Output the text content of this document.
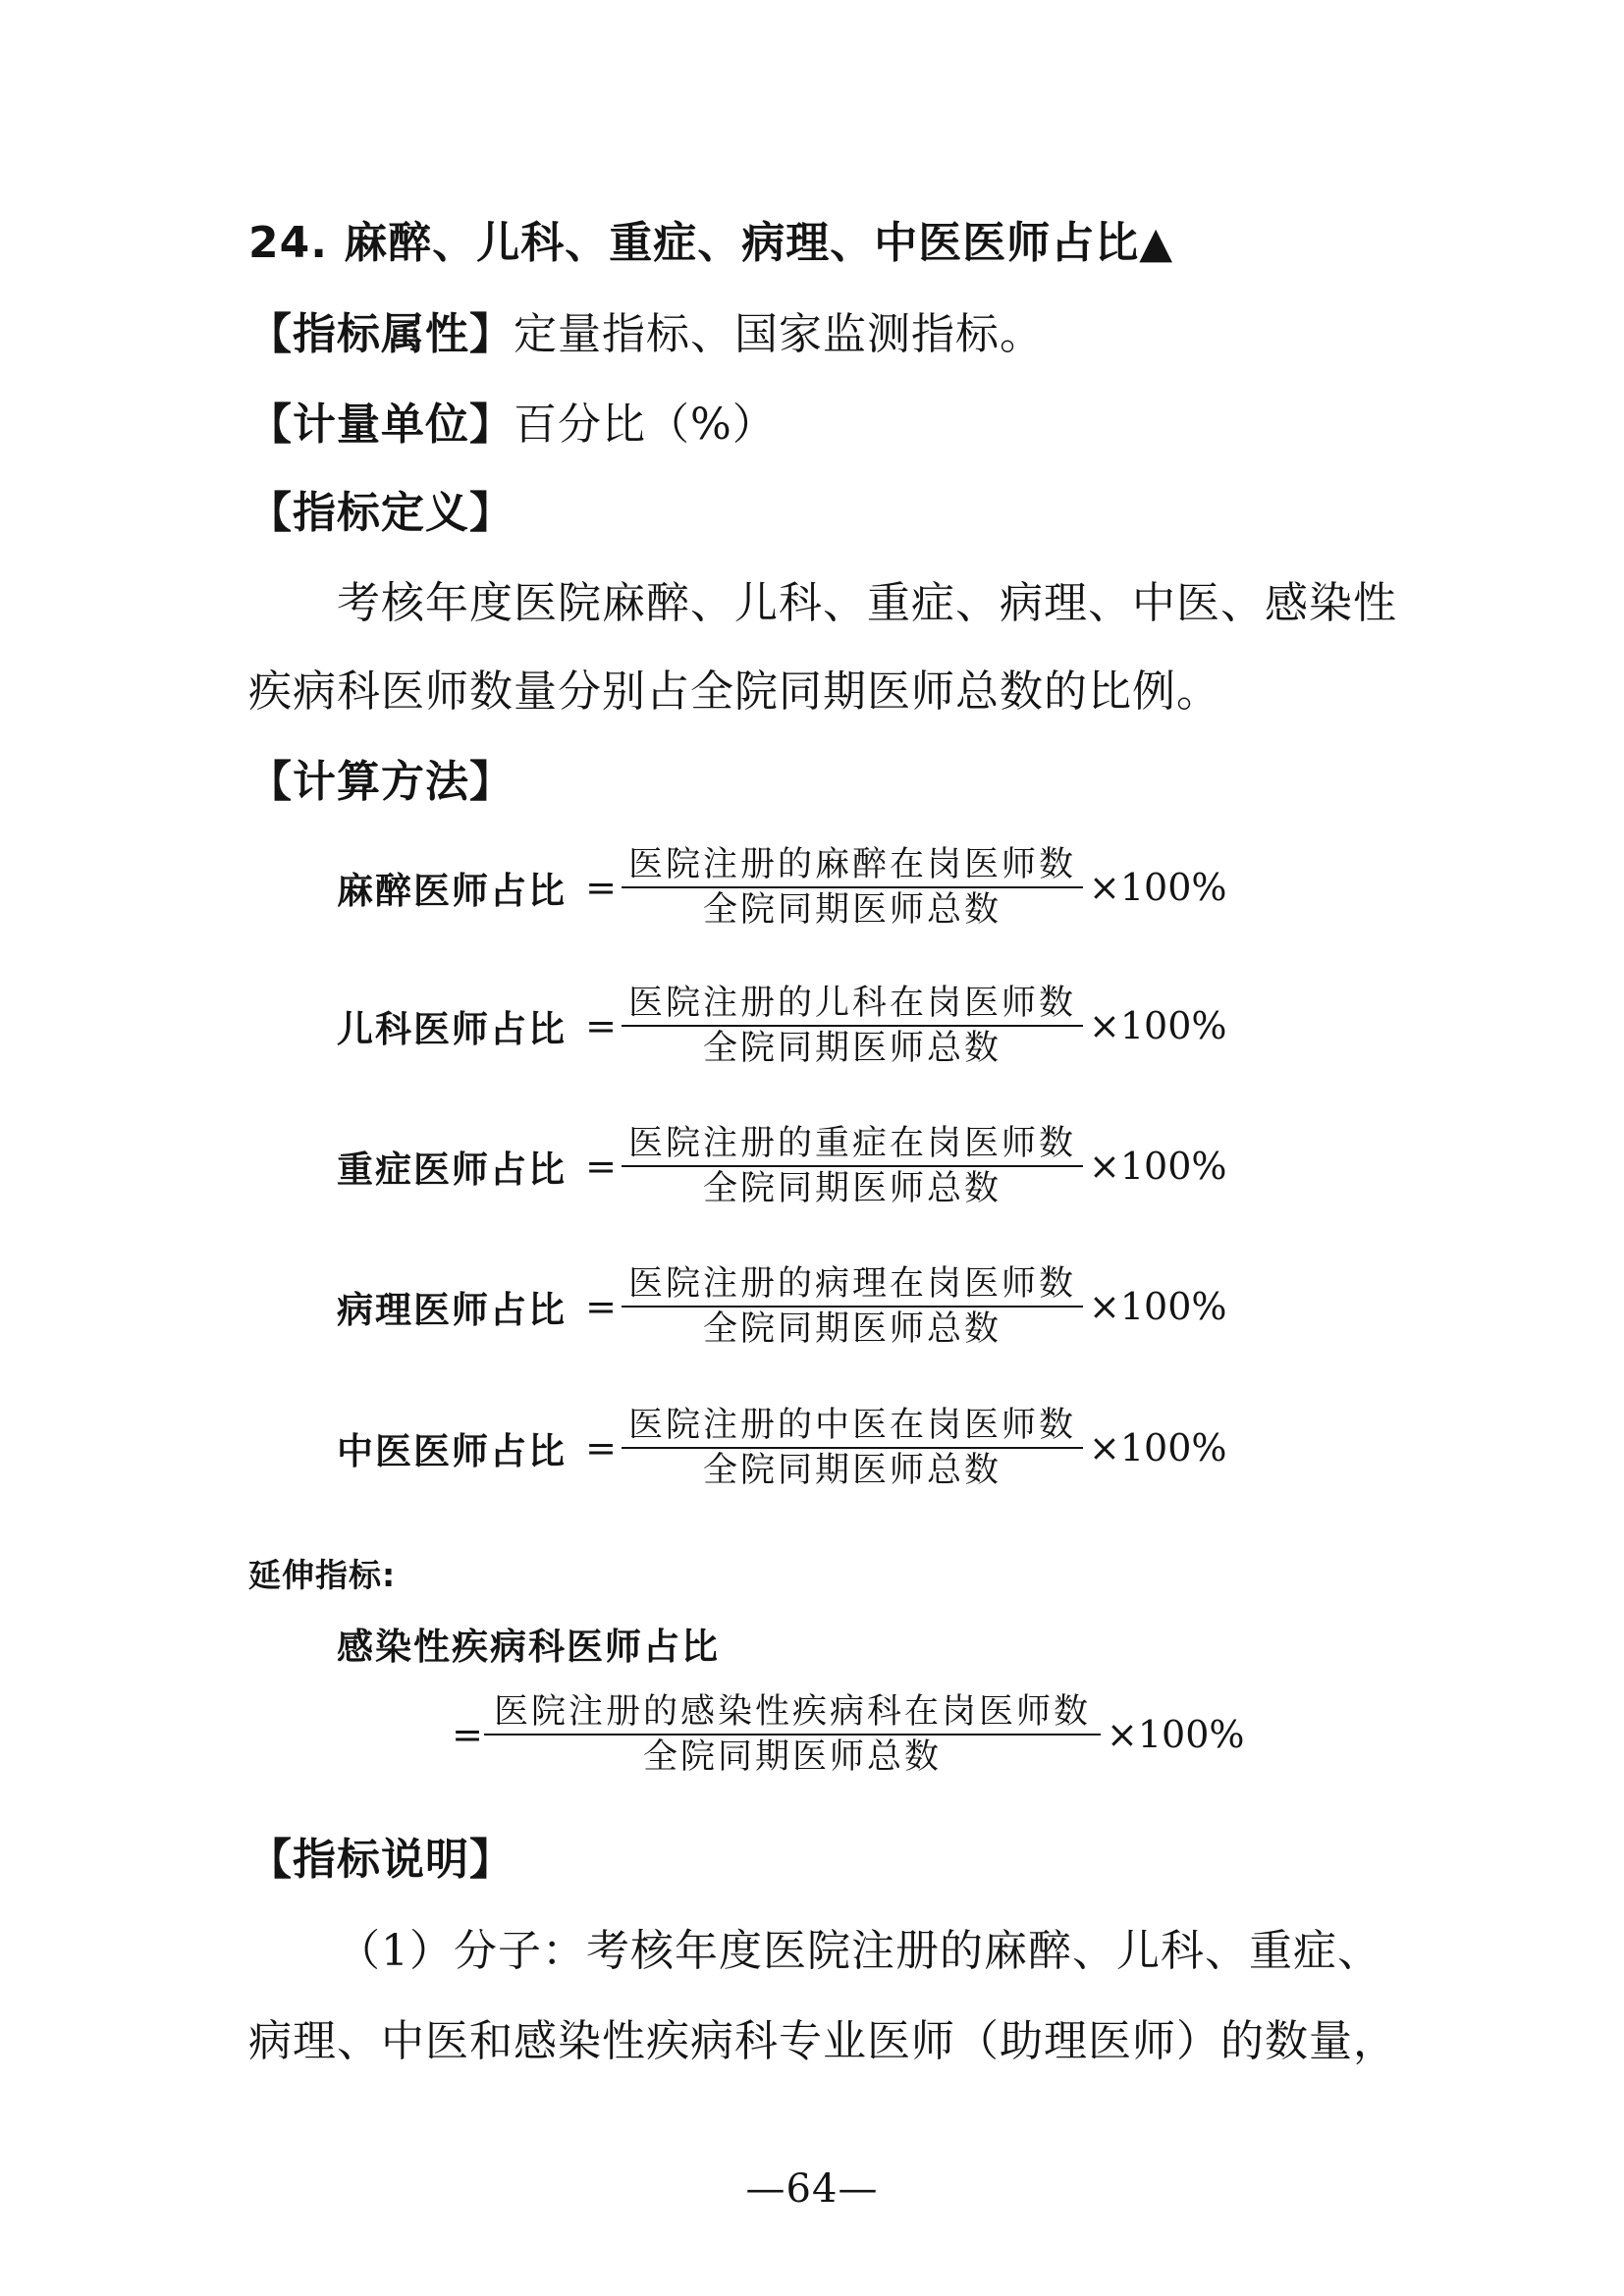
24. 麻醉、儿科、重症、病理、中医医师占比▲
【指标属性】定量指标、国家监测指标。
【计量单位】百分比（%）
【指标定义】
考核年度医院麻醉、儿科、重症、病理、中医、感染性
疾病科医师数量分别占全院同期医师总数的比例。
【计算方法】
麻醉医师占比 = $\frac{\text{医院注册的麻醉在岗医师数}}{\text{全院同期医师总数}} \times 100\%$
儿科医师占比 = $\frac{\text{医院注册的儿科在岗医师数}}{\text{全院同期医师总数}} \times 100\%$
重症医师占比 = $\frac{\text{医院注册的重症在岗医师数}}{\text{全院同期医师总数}} \times 100\%$
病理医师占比 = $\frac{\text{医院注册的病理在岗医师数}}{\text{全院同期医师总数}} \times 100\%$
中医医师占比 = $\frac{\text{医院注册的中医在岗医师数}}{\text{全院同期医师总数}} \times 100\%$
延伸指标:
感染性疾病科医师占比
= $\frac{\text{医院注册的感染性疾病科在岗医师数}}{\text{全院同期医师总数}} \times 100\%$
【指标说明】
（1）分子：考核年度医院注册的麻醉、儿科、重症、
病理、中医和感染性疾病科专业医师（助理医师）的数量，
—64—
